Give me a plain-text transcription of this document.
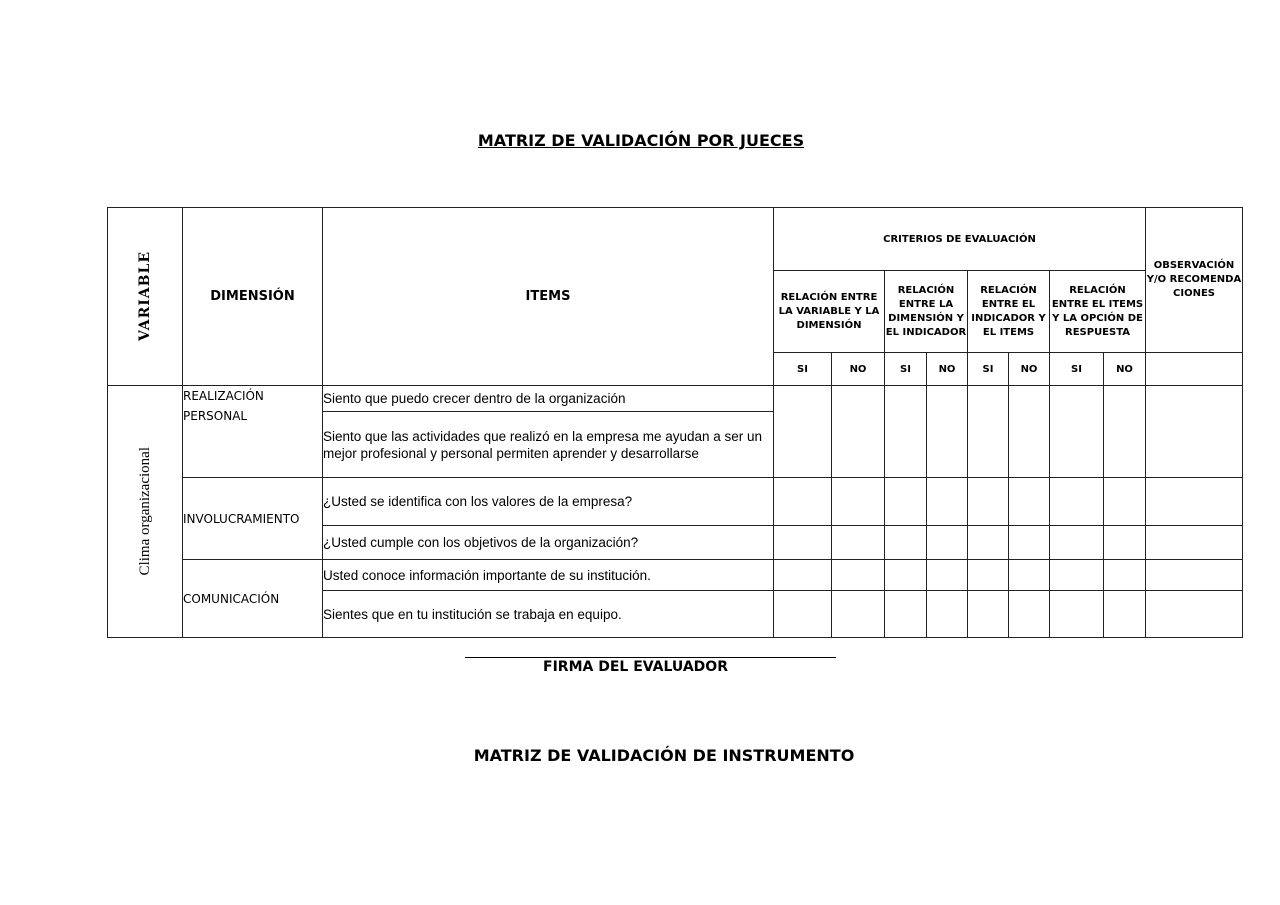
MATRIZ DE VALIDACIÓN POR JUECES
VARIABLE	DIMENSIÓN	ITEMS	CRITERIOS DE EVALUACIÓN								OBSERVACIÓN Y/O RECOMENDA CIONES
			RELACIÓN ENTRE LA VARIABLE Y LA DIMENSIÓN		RELACIÓN ENTRE LA DIMENSIÓN Y EL INDICADOR		RELACIÓN ENTRE EL INDICADOR Y EL ITEMS		RELACIÓN ENTRE EL ITEMS Y LA OPCIÓN DE RESPUESTA		
			SI	NO	SI	NO	SI	NO	SI	NO	

Clima organizacional	REALIZACIÓN PERSONAL	Siento que puedo crecer dentro de la organización									
		Siento que las actividades que realizó en la empresa me ayudan a ser un mejor profesional y personal permiten aprender y desarrollarse									
	INVOLUCRAMIENTO	¿Usted se identifica con los valores de la empresa?									
		¿Usted cumple con los objetivos de la organización?									
	COMUNICACIÓN	Usted conoce información importante de su institución.									
		Sientes que en tu institución se trabaja en equipo.									
FIRMA DEL EVALUADOR
MATRIZ DE VALIDACIÓN DE INSTRUMENTO
